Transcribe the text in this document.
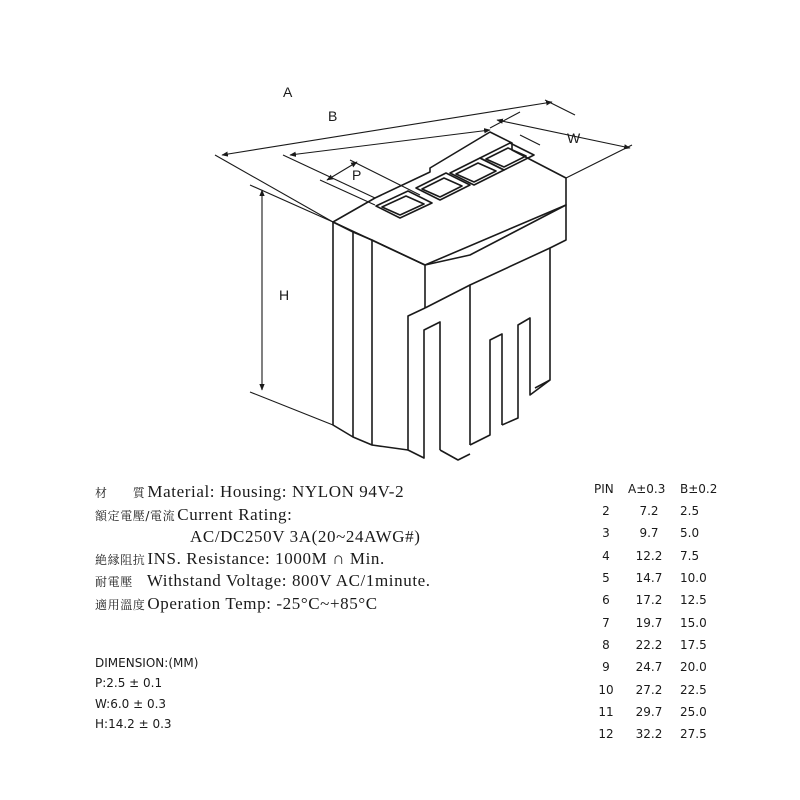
A
B
P
W
H
材　　質 Material: Housing: NYLON 94V-2
額定電壓/電流 Current Rating:
AC/DC250V 3A(20~24AWG#)
絶縁阻抗 INS. Resistance: 1000M ∩ Min.
耐電壓 Withstand Voltage: 800V AC/1minute.
適用溫度 Operation Temp: -25°C~+85°C
DIMENSION:(MM)
P:2.5 ± 0.1
W:6.0 ± 0.3
H:14.2 ± 0.3
PIN	A±0.3	B±0.2
2	7.2	2.5
3	9.7	5.0
4	12.2	7.5
5	14.7	10.0
6	17.2	12.5
7	19.7	15.0
8	22.2	17.5
9	24.7	20.0
10	27.2	22.5
11	29.7	25.0
12	32.2	27.5
